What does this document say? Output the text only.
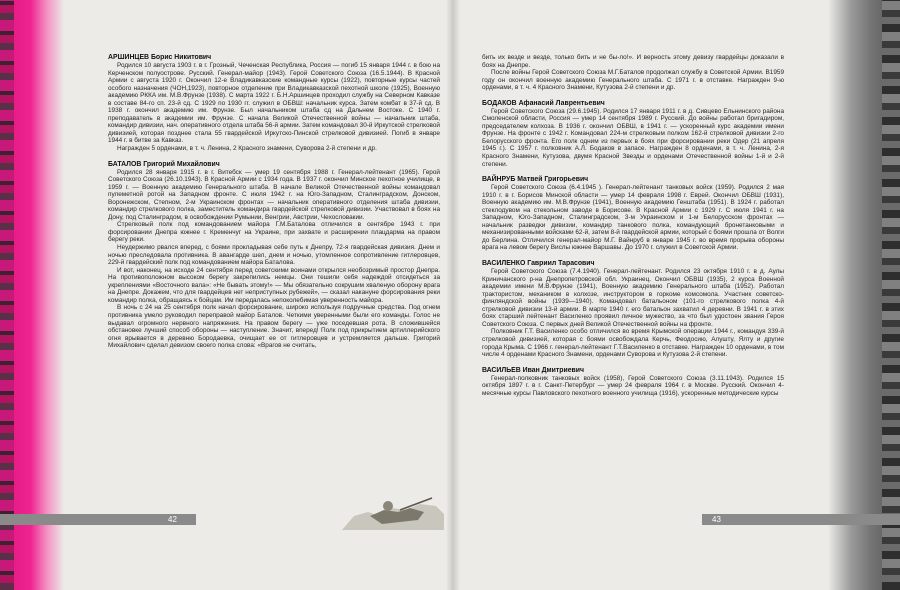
42	43
АРШИНЦЕВ Борис Никитович

Родился 10 августа 1903 г. в г. Грозный, Чеченская Республика, Россия — погиб 15 января 1944 г. в бою на Керченском полуострове. Русский. Генерал-майор (1943). Герой Советского Союза (16.5.1944). В Красной Армии с августа 1920 г. Окончил 12-е Владикавказские командные курсы (1922), повторные курсы частей особого назначения (ЧОН,1923), повторное отделение при Владикавказской пехотной школе (1925), Военную академию РККА им. М.В.Фрунзе (1938). С марта 1922 г. Б.Н.Аршинцев проходил службу на Северном Кавказе в составе 84-го сп. 23-й сд. С 1929 по 1930 гг. служил в ОБВШ: начальник курса. Затем комбат в 37-й сд. В 1938 г. окончил академию им. Фрунзе. Был начальником штаба сд на Дальнем Востоке. С 1940 г. преподаватель в академии им. Фрунзе. С начала Великой Отечественной войны — начальник штаба, командир дивизии, нач. оперативного отдела штаба 56-й армии. Затем командовал 30-й Иркутской стрелковой дивизией, которая позднее стала 55 гвардейской Иркутско-Пинской стрелковой дивизией. Погиб в январе 1944 г. в битве за Кавказ.

Награжден 5 орденами, в т. ч. Ленина, 2 Красного знамени, Суворова 2-й степени и др.

БАТАЛОВ Григорий Михайлович

Родился 28 января 1915 г. в г. Витебск — умер 19 сентября 1988 г. Генерал-лейтенант (1965). Герой Советского Союза (26.10.1943). В Красной Армии с 1934 года. В 1937 г. окончил Минское пехотное училище, в 1959 г. — Военную академию Генерального штаба. В начале Великой Отечественной войны командовал пулеметной ротой на Западном фронте. С июля 1942 г. на Юго-Западном, Сталинградском, Донском, Воронежском, Степном, 2-м Украинском фронтах — начальник оперативного отделения штаба дивизии, командир стрелкового полка, заместитель командира гвардейской стрелковой дивизии. Участвовал в боях на Дону, под Сталинградом, в освобождении Румынии, Венгрии, Австрии, Чехословакии.

Стрелковый полк под командованием майора Г.М.Баталова отличился в сентябре 1943 г. при форсировании Днепра южнее г. Кременчуг на Украине, при захвате и расширении плацдарма на правом берегу реки.

Неудержимо рвался вперед, с боями прокладывая себе путь к Днепру, 72-я гвардейская дивизия. Днем и ночью преследовала противника. В авангарде шел, днем и ночью, утомленное сопротивление гитлеровцев, 229-й гвардейский полк под командованием майора Баталова.

И вот, наконец, на исходе 24 сентября перед советскими воинами открылся необозримый простор Днепра. На противоположном высоком берегу закрепились немцы. Они тешили себя надеждой отсидеться за укреплениями «Восточного вала»: «Не бывать этому!» — Мы обязательно сокрушим хваленую оборону врага на Днепре. Докажем, что для гвардейцев нет неприступных рубежей», — сказал накануне форсирования реки командир полка, обращаясь к бойцам. Им передалась непоколебимая уверенность майора.

В ночь с 24 на 25 сентября полк начал форсирование, широко используя подручные средства. Под огнем противника умело руководил переправой майор Баталов. Четкими уверенными были его команды. Голос не выдавал огромного нервного напряжения. На правом берегу — уже поседевшая рота. В сложившейся обстановке лучший способ обороны — наступление. Значит, вперед! Полк под прикрытием артиллерийского огня врывается в деревню Бородаевка, очищает ее от гитлеровцев и устремляется дальше. Григорий Михайлович сделал девизом своего полка слова: «Врагов не считать,

бить их везде и везде, только бить и не бы-ло!». И верность этому девизу гвардейцы доказали в боях на Днепре.

После войны Герой Советского Союза М.Г.Баталов продолжал службу в Советской Армии. В1959 году он окончил военную академию Генерального штаба. С 1971 г. в отставке. Награжден 9-ю орденами, в т. ч. 4 Красного Знамени, Кутузова 2-й степени и др.

БОДАКОВ Афанасий Лаврентьевич

Герой Советского Союза (29.6.1945). Родился 17 января 1911 г. в д. Сивцево Ельнинского района Смоленской области, Россия — умер 14 сентября 1989 г. Русский. До войны работал бригадиром, председателем колхоза. В 1936 г. окончил ОБВШ, в 1941 г. — ускоренный курс академии имени Фрунзе. На фронте с 1942 г. Командовал 224-м стрелковым полком 162-й стрелковой дивизии 2-го Белорусского фронта. Его полк одним из первых в боях при форсировании реки Одер (21 апреля 1945 г.). С 1957 г. полковник А.Л. Бодаков в запасе. Награжден 8 орденами, в т. ч. Ленина, 2-я Красного Знамени, Кутузова, двумя Красной Звезды и орденами Отечественной войны 1-й и 2-й степени.

ВАЙНРУБ Матвей Григорьевич

Герой Советского Союза (6.4.1945 ). Генерал-лейтенант танковых войск (1959). Родился 2 мая 1910 г. в г. Борисов Минской области — умер 14 февраля 1998 г. Еврей. Окончил ОБВШ (1931), Военную академию им. М.В.Фрунзе (1941), Военную академию Генштаба (1951). В 1924 г. работал стеклодувом на стекольном заводе в Борисове. В Красной Армии с 1929 г. С июля 1941 г. на Западном, Юго-Западном, Сталинградском, 3-м Украинском и 1-м Белорусском фронтах — начальник разведки дивизии, командир танкового полка, командующий бронетанковыми и механизированными войсками 62-й, затем 8-й гвардейской армии, который с боями прошла от Волги до Берлина. Отличился генерал-майор М.Г. Вайнруб в январе 1945 г. во время прорыва обороны врага на левом берегу Вислы южнее Варшавы. До 1970 г. служил в Советской Армии.

ВАСИЛЕНКО Гавриил Тарасович

Герой Советского Союза (7.4.1940). Генерал-лейтенант. Родился 23 октября 1910 г. в д. Аулы Криничанского р-на Днепропетровской обл. Украинец. Окончил ОБВШ (1935), 2 курса Военной академии имени М.В.Фрунзе (1941), Военную академию Генерального штаба (1952). Работал трактористом, механиком в колхозе, инструктором в горкоме комсомола. Участник советско-финляндской войны (1939—1940). Командовал батальоном (101-го стрелкового полка 4-й стрелковой дивизии 13-й армии. В марте 1940 г. его батальон захватил 4 деревни. В 1941 г. в этих боях старший лейтенант Василенко проявил личное мужество, за что был удостоен звания Героя Советского Союза. С первых дней Великой Отечественной войны на фронте.

Полковник Г.Т. Василенко особо отличился во время Крымской операции 1944 г., командуя 339-й стрелковой дивизией, которая с боями освобождала Керчь, Феодосию, Алушту, Ялту и другие города Крыма. С 1966 г. генерал-лейтенант Г.Т.Василенко в отставке. Награжден 10 орденами, в том числе 4 орденами Красного Знамени, орденами Суворова и Кутузова 2-й степени.

ВАСИЛЬЕВ Иван Дмитриевич

Генерал-полковник танковых войск (1958), Герой Советского Союза (3.11.1943). Родился 15 октября 1897 г. в г. Санкт-Петербург — умер 24 февраля 1964 г. в Москве. Русский. Окончил 4-месячные курсы Павловского пехотного военного училища (1916), ускоренные методические курсы
